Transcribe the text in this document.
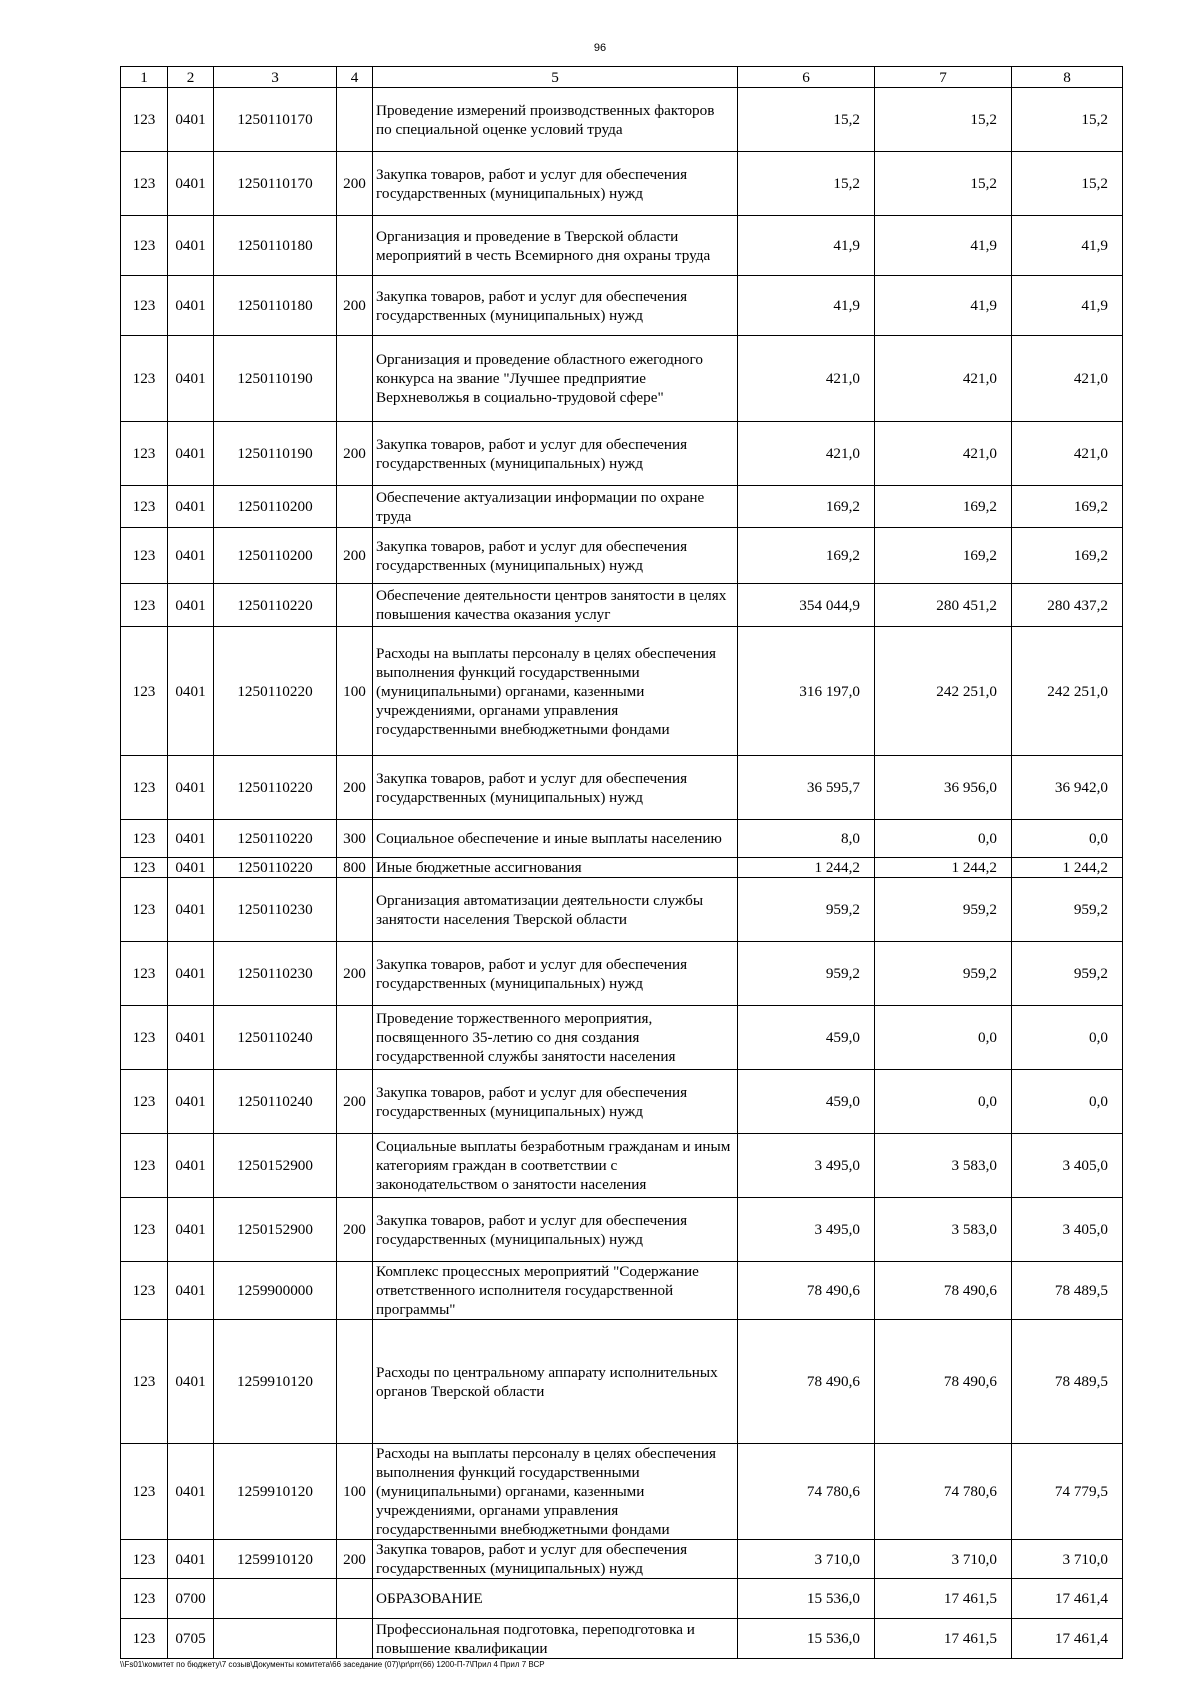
96
1	2	3	4	5	6	7	8
123	0401	1250110170		Проведение измерений производственных факторов по специальной оценке условий труда	15,2	15,2	15,2
123	0401	1250110170	200	Закупка товаров, работ и услуг для обеспечения государственных (муниципальных) нужд	15,2	15,2	15,2
123	0401	1250110180		Организация и проведение в Тверской области мероприятий в честь Всемирного дня охраны труда	41,9	41,9	41,9
123	0401	1250110180	200	Закупка товаров, работ и услуг для обеспечения государственных (муниципальных) нужд	41,9	41,9	41,9
123	0401	1250110190		Организация и проведение областного ежегодного конкурса на звание "Лучшее предприятие Верхневолжья в социально-трудовой сфере"	421,0	421,0	421,0
123	0401	1250110190	200	Закупка товаров, работ и услуг для обеспечения государственных (муниципальных) нужд	421,0	421,0	421,0
123	0401	1250110200		Обеспечение актуализации информации по охране труда	169,2	169,2	169,2
123	0401	1250110200	200	Закупка товаров, работ и услуг для обеспечения государственных (муниципальных) нужд	169,2	169,2	169,2
123	0401	1250110220		Обеспечение деятельности центров занятости в целях повышения качества оказания услуг	354 044,9	280 451,2	280 437,2
123	0401	1250110220	100	Расходы на выплаты персоналу в целях обеспечения выполнения функций государственными (муниципальными) органами, казенными учреждениями, органами управления государственными внебюджетными фондами	316 197,0	242 251,0	242 251,0
123	0401	1250110220	200	Закупка товаров, работ и услуг для обеспечения государственных (муниципальных) нужд	36 595,7	36 956,0	36 942,0
123	0401	1250110220	300	Социальное обеспечение и иные выплаты населению	8,0	0,0	0,0
123	0401	1250110220	800	Иные бюджетные ассигнования	1 244,2	1 244,2	1 244,2
123	0401	1250110230		Организация автоматизации деятельности службы занятости населения Тверской области	959,2	959,2	959,2
123	0401	1250110230	200	Закупка товаров, работ и услуг для обеспечения государственных (муниципальных) нужд	959,2	959,2	959,2
123	0401	1250110240		Проведение торжественного мероприятия, посвященного 35-летию со дня создания государственной службы занятости населения	459,0	0,0	0,0
123	0401	1250110240	200	Закупка товаров, работ и услуг для обеспечения государственных (муниципальных) нужд	459,0	0,0	0,0
123	0401	1250152900		Социальные выплаты безработным гражданам и иным категориям граждан в соответствии с законодательством о занятости населения	3 495,0	3 583,0	3 405,0
123	0401	1250152900	200	Закупка товаров, работ и услуг для обеспечения государственных (муниципальных) нужд	3 495,0	3 583,0	3 405,0
123	0401	1259900000		Комплекс процессных мероприятий "Содержание ответственного исполнителя государственной программы"	78 490,6	78 490,6	78 489,5
123	0401	1259910120		Расходы по центральному аппарату исполнительных органов Тверской области	78 490,6	78 490,6	78 489,5
123	0401	1259910120	100	Расходы на выплаты персоналу в целях обеспечения выполнения функций государственными (муниципальными) органами, казенными учреждениями, органами управления государственными внебюджетными фондами	74 780,6	74 780,6	74 779,5
123	0401	1259910120	200	Закупка товаров, работ и услуг для обеспечения государственных (муниципальных) нужд	3 710,0	3 710,0	3 710,0
123	0700			ОБРАЗОВАНИЕ	15 536,0	17 461,5	17 461,4
123	0705			Профессиональная подготовка, переподготовка и повышение квалификации	15 536,0	17 461,5	17 461,4
\\Fs01\комитет по бюджету\7 созыв\Документы комитета\66 заседание (07)\pr\prr(66) 1200-П-7\Прил 4 Прил 7 ВСР
